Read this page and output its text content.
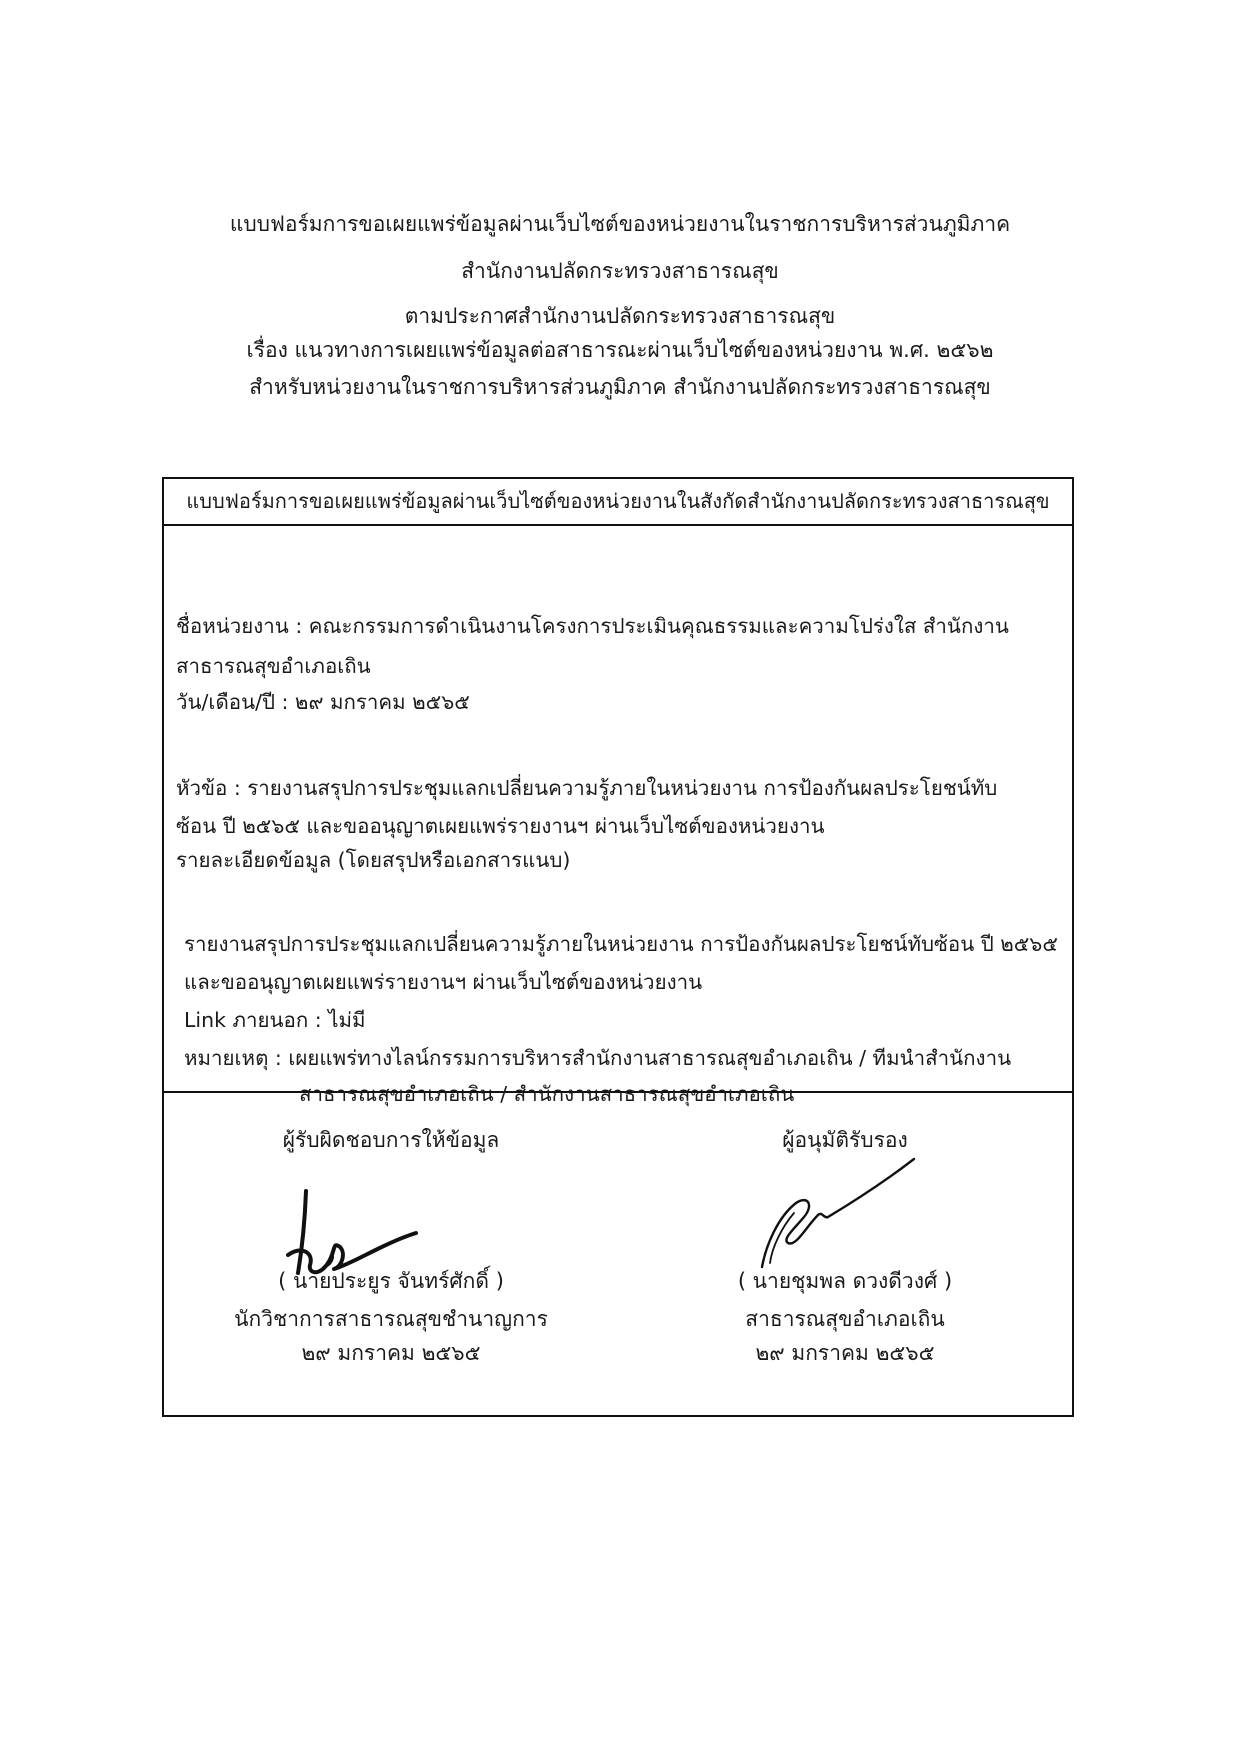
แบบฟอร์มการขอเผยแพร่ข้อมูลผ่านเว็บไซต์ของหน่วยงานในราชการบริหารส่วนภูมิภาค
สำนักงานปลัดกระทรวงสาธารณสุข
ตามประกาศสำนักงานปลัดกระทรวงสาธารณสุข
เรื่อง แนวทางการเผยแพร่ข้อมูลต่อสาธารณะผ่านเว็บไซต์ของหน่วยงาน พ.ศ. ๒๕๖๒
สำหรับหน่วยงานในราชการบริหารส่วนภูมิภาค สำนักงานปลัดกระทรวงสาธารณสุข
แบบฟอร์มการขอเผยแพร่ข้อมูลผ่านเว็บไซต์ของหน่วยงานในสังกัดสำนักงานปลัดกระทรวงสาธารณสุข
ชื่อหน่วยงาน : คณะกรรมการดำเนินงานโครงการประเมินคุณธรรมและความโปร่งใส สำนักงาน
สาธารณสุขอำเภอเถิน
วัน/เดือน/ปี : ๒๙ มกราคม ๒๕๖๕
หัวข้อ : รายงานสรุปการประชุมแลกเปลี่ยนความรู้ภายในหน่วยงาน การป้องกันผลประโยชน์ทับ
ซ้อน ปี ๒๕๖๕ และขออนุญาตเผยแพร่รายงานฯ ผ่านเว็บไซต์ของหน่วยงาน
รายละเอียดข้อมูล (โดยสรุปหรือเอกสารแนบ)
รายงานสรุปการประชุมแลกเปลี่ยนความรู้ภายในหน่วยงาน การป้องกันผลประโยชน์ทับซ้อน ปี ๒๕๖๕
และขออนุญาตเผยแพร่รายงานฯ ผ่านเว็บไซต์ของหน่วยงาน
Link ภายนอก : ไม่มี
หมายเหตุ : เผยแพร่ทางไลน์กรรมการบริหารสำนักงานสาธารณสุขอำเภอเถิน / ทีมนำสำนักงาน
สาธารณสุขอำเภอเถิน / สำนักงานสาธารณสุขอำเภอเถิน
ผู้รับผิดชอบการให้ข้อมูล
( นายประยูร จันทร์ศักดิ์ )
นักวิชาการสาธารณสุขชำนาญการ
๒๙ มกราคม ๒๕๖๕
ผู้อนุมัติรับรอง
( นายชุมพล ดวงดีวงศ์ )
สาธารณสุขอำเภอเถิน
๒๙ มกราคม ๒๕๖๕
